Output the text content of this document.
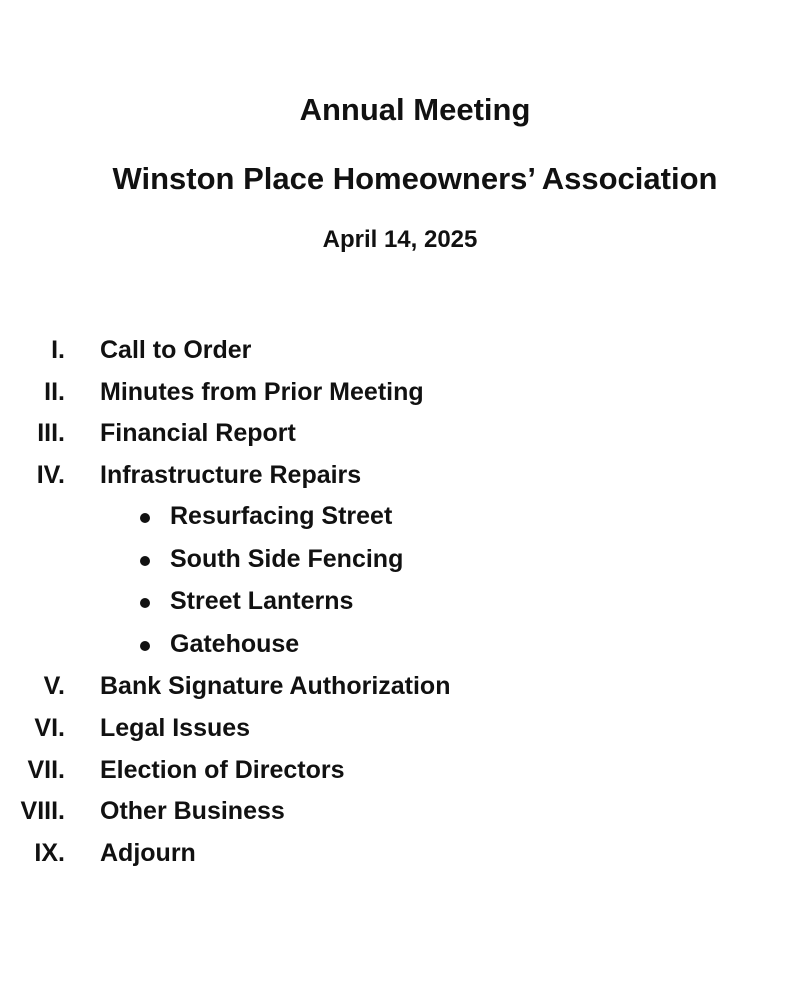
Annual Meeting
Winston Place Homeowners’ Association
April 14, 2025
I. Call to Order
II. Minutes from Prior Meeting
III. Financial Report
IV. Infrastructure Repairs
Resurfacing Street
South Side Fencing
Street Lanterns
Gatehouse
V. Bank Signature Authorization
VI. Legal Issues
VII. Election of Directors
VIII. Other Business
IX. Adjourn
